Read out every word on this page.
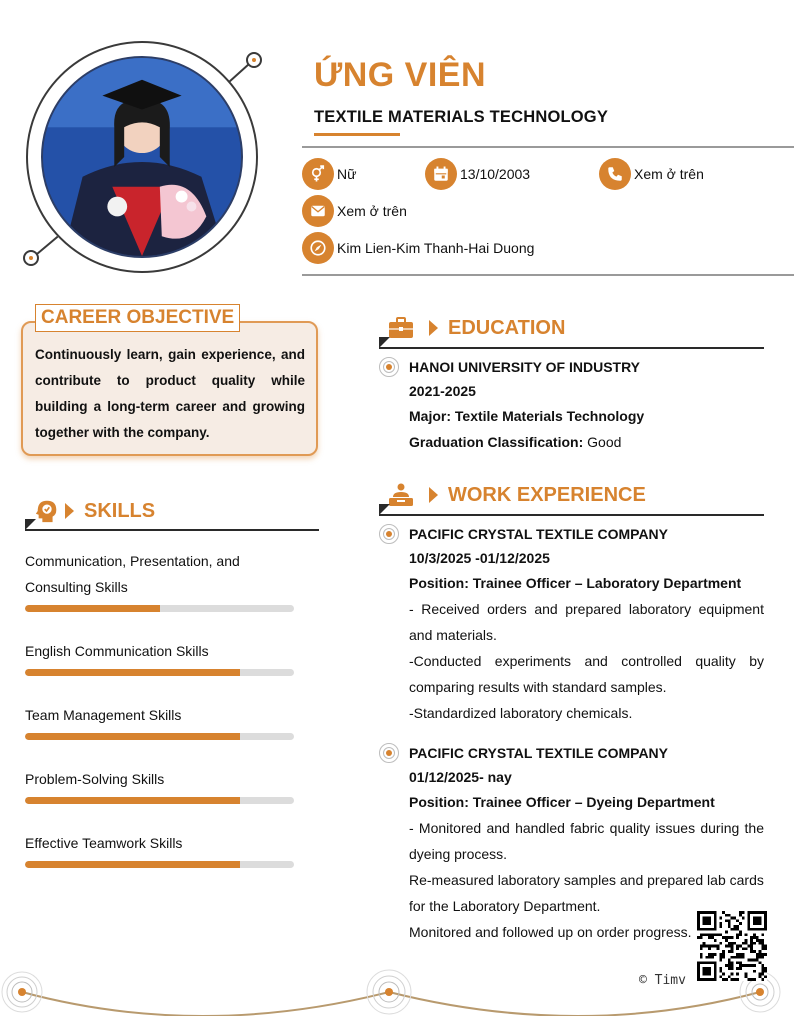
ỨNG VIÊN
TEXTILE MATERIALS TECHNOLOGY
Nữ	13/10/2003	Xem ở trên
Xem ở trên
Kim Lien-Kim Thanh-Hai Duong
CAREER OBJECTIVE
Continuously learn, gain experience, and contribute to product quality while building a long-term career and growing together with the company.
SKILLS
Communication, Presentation, and Consulting Skills
English Communication Skills
Team Management Skills
Problem-Solving Skills
Effective Teamwork Skills
EDUCATION
HANOI UNIVERSITY OF INDUSTRY
2021-2025
Major: Textile Materials Technology
Graduation Classification: Good
WORK EXPERIENCE
PACIFIC CRYSTAL TEXTILE COMPANY
10/3/2025 -01/12/2025
Position: Trainee Officer – Laboratory Department
- Received orders and prepared laboratory equipment and materials.
-Conducted experiments and controlled quality by comparing results with standard samples.
-Standardized laboratory chemicals.
PACIFIC CRYSTAL TEXTILE COMPANY
01/12/2025- nay
Position: Trainee Officer – Dyeing Department
- Monitored and handled fabric quality issues during the dyeing process.
Re-measured laboratory samples and prepared lab cards for the Laboratory Department.
Monitored and followed up on order progress.
© Timv
